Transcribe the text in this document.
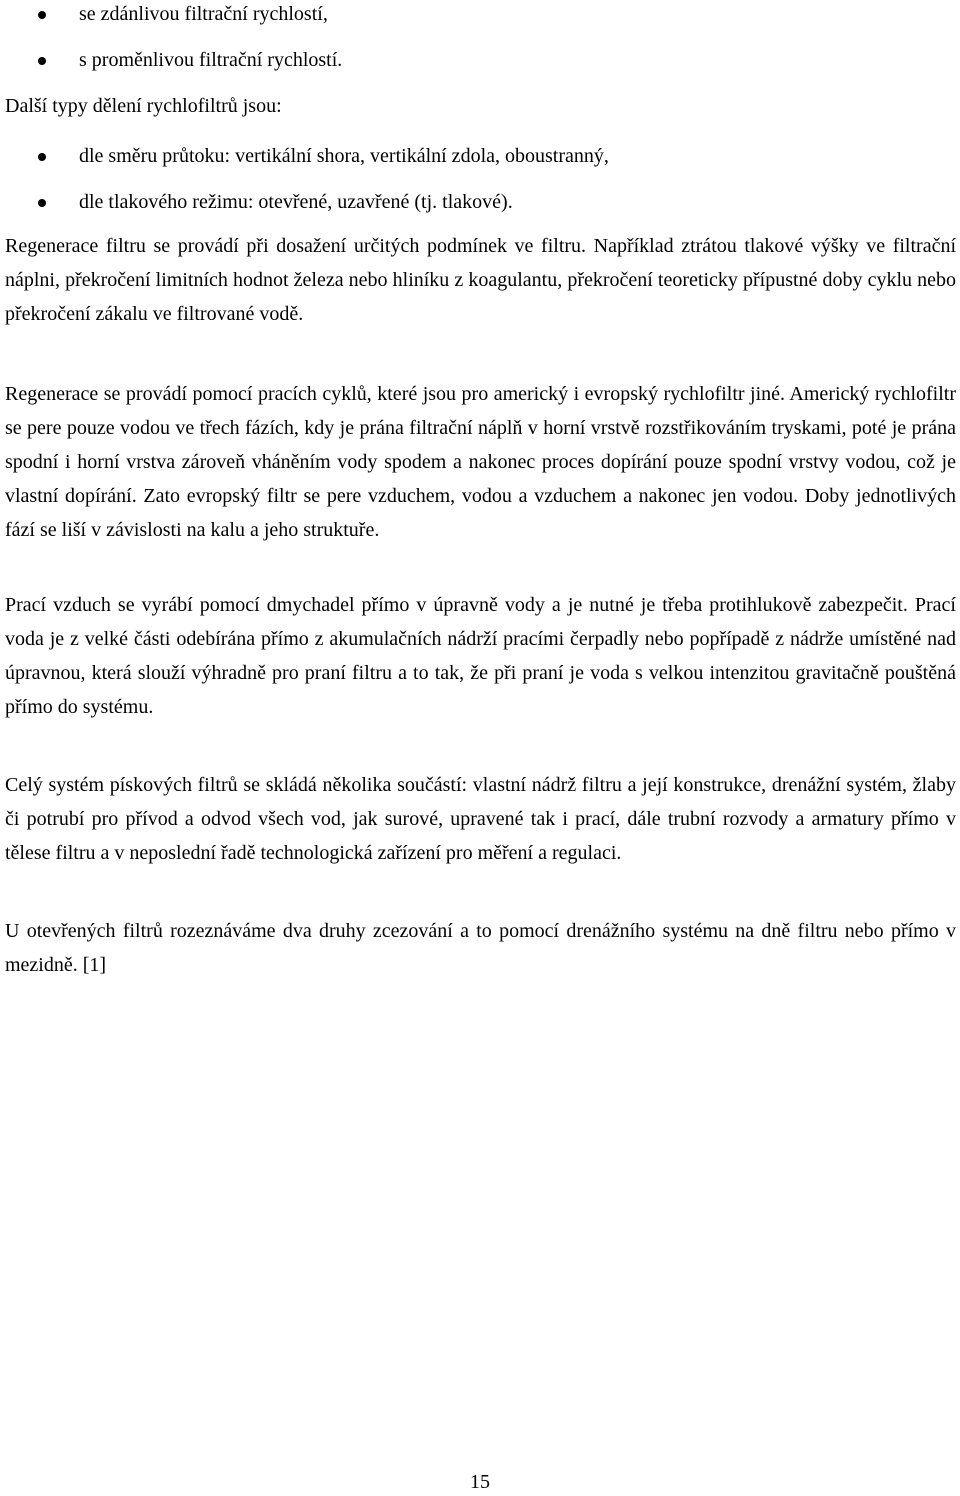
se zdánlivou filtrační rychlostí,
s proměnlivou filtrační rychlostí.
Další typy dělení rychlofiltrů jsou:
dle směru průtoku: vertikální shora, vertikální zdola, oboustranný,
dle tlakového režimu: otevřené, uzavřené (tj. tlakové).
Regenerace filtru se provádí při dosažení určitých podmínek ve filtru. Například ztrátou tlakové výšky ve filtrační náplni, překročení limitních hodnot železa nebo hliníku z koagulantu, překročení teoreticky přípustné doby cyklu nebo překročení zákalu ve filtrované vodě.
Regenerace se provádí pomocí pracích cyklů, které jsou pro americký i evropský rychlofiltr jiné. Americký rychlofiltr se pere pouze vodou ve třech fázích, kdy je prána filtrační náplň v horní vrstvě rozstřikováním tryskami, poté je prána spodní i horní vrstva zároveň vháněním vody spodem a nakonec proces dopírání pouze spodní vrstvy vodou, což je vlastní dopírání. Zato evropský filtr se pere vzduchem, vodou a vzduchem a nakonec jen vodou. Doby jednotlivých fází se liší v závislosti na kalu a jeho struktuře.
Prací vzduch se vyrábí pomocí dmychadel přímo v úpravně vody a je nutné je třeba protihlukově zabezpečit. Prací voda je z velké části odebírána přímo z akumulačních nádrží pracími čerpadly nebo popřípadě z nádrže umístěné nad úpravnou, která slouží výhradně pro praní filtru a to tak, že při praní je voda s velkou intenzitou gravitačně pouštěná přímo do systému.
Celý systém pískových filtrů se skládá několika součástí: vlastní nádrž filtru a její konstrukce, drenážní systém, žlaby či potrubí pro přívod a odvod všech vod, jak surové, upravené tak i prací, dále trubní rozvody a armatury přímo v tělese filtru a v neposlední řadě technologická zařízení pro měření a regulaci.
U otevřených filtrů rozeznáváme dva druhy zcezování a to pomocí drenážního systému na dně filtru nebo přímo v mezidně. [1]
15
